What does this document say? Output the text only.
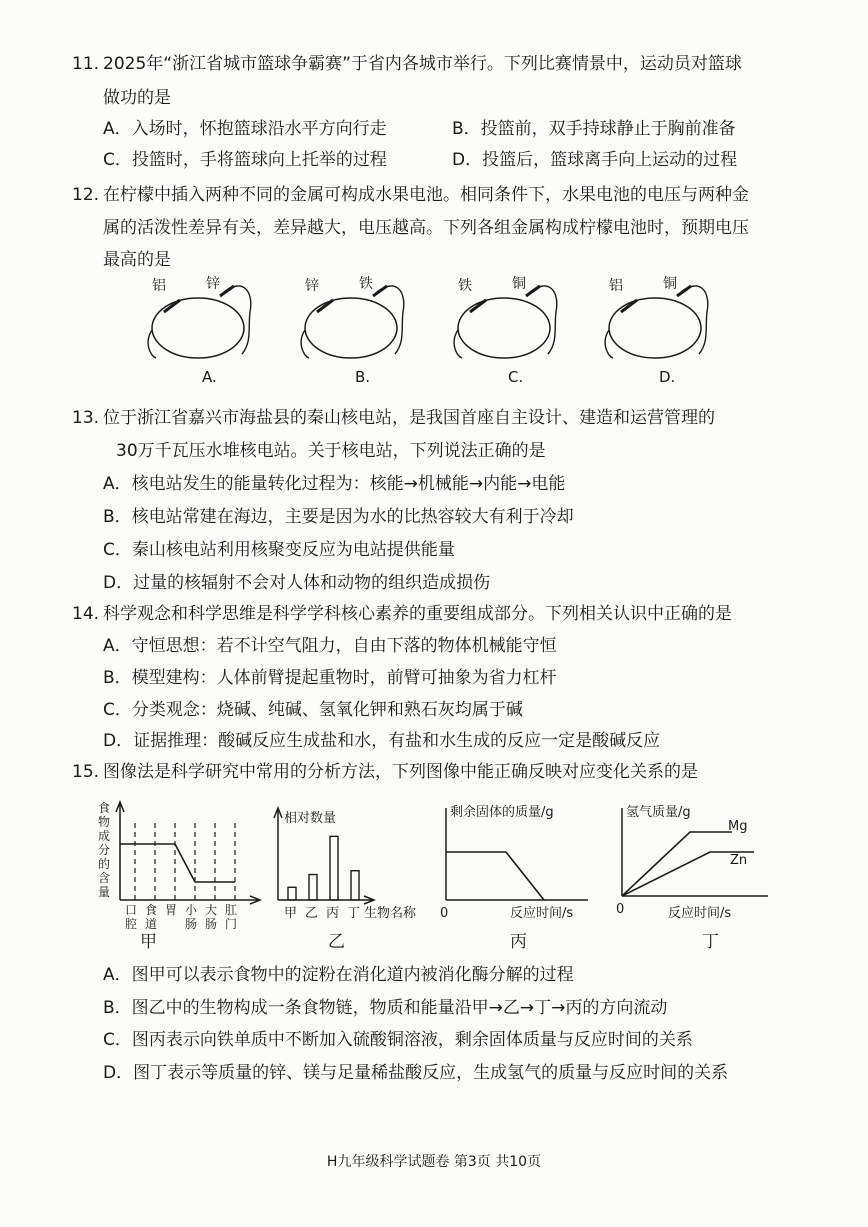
11. 2025年“浙江省城市篮球争霸赛”于省内各城市举行。下列比赛情景中，运动员对篮球
做功的是
A．入场时，怀抱篮球沿水平方向行走	B．投篮前，双手持球静止于胸前准备
C．投篮时，手将篮球向上托举的过程	D．投篮后，篮球离手向上运动的过程
12. 在柠檬中插入两种不同的金属可构成水果电池。相同条件下，水果电池的电压与两种金
属的活泼性差异有关，差异越大，电压越高。下列各组金属构成柠檬电池时，预期电压
最高的是
铝	锌
A.
锌	铁
B.
铁	铜
C.
铝	铜
D.
13. 位于浙江省嘉兴市海盐县的秦山核电站，是我国首座自主设计、建造和运营管理的
30万千瓦压水堆核电站。关于核电站，下列说法正确的是
A．核电站发生的能量转化过程为：核能→机械能→内能→电能
B．核电站常建在海边，主要是因为水的比热容较大有利于冷却
C．秦山核电站利用核聚变反应为电站提供能量
D．过量的核辐射不会对人体和动物的组织造成损伤
14. 科学观念和科学思维是科学学科核心素养的重要组成部分。下列相关认识中正确的是
A．守恒思想：若不计空气阻力，自由下落的物体机械能守恒
B．模型建构：人体前臂提起重物时，前臂可抽象为省力杠杆
C．分类观念：烧碱、纯碱、氢氧化钾和熟石灰均属于碱
D．证据推理：酸碱反应生成盐和水，有盐和水生成的反应一定是酸碱反应
15. 图像法是科学研究中常用的分析方法，下列图像中能正确反映对应变化关系的是
食
物
成
分
的
含
量
口
腔
食
道
胃 小
肠
大
肠
肛
门
甲
相对数量
甲 乙 丙 丁 生物名称
乙
剩余固体的质量/g
0	反应时间/s
丙
氢气质量/g
Mg
Zn
0	反应时间/s
丁
A．图甲可以表示食物中的淀粉在消化道内被消化酶分解的过程
B．图乙中的生物构成一条食物链，物质和能量沿甲→乙→丁→丙的方向流动
C．图丙表示向铁单质中不断加入硫酸铜溶液，剩余固体质量与反应时间的关系
D．图丁表示等质量的锌、镁与足量稀盐酸反应，生成氢气的质量与反应时间的关系
H九年级科学试题卷 第3页 共10页
